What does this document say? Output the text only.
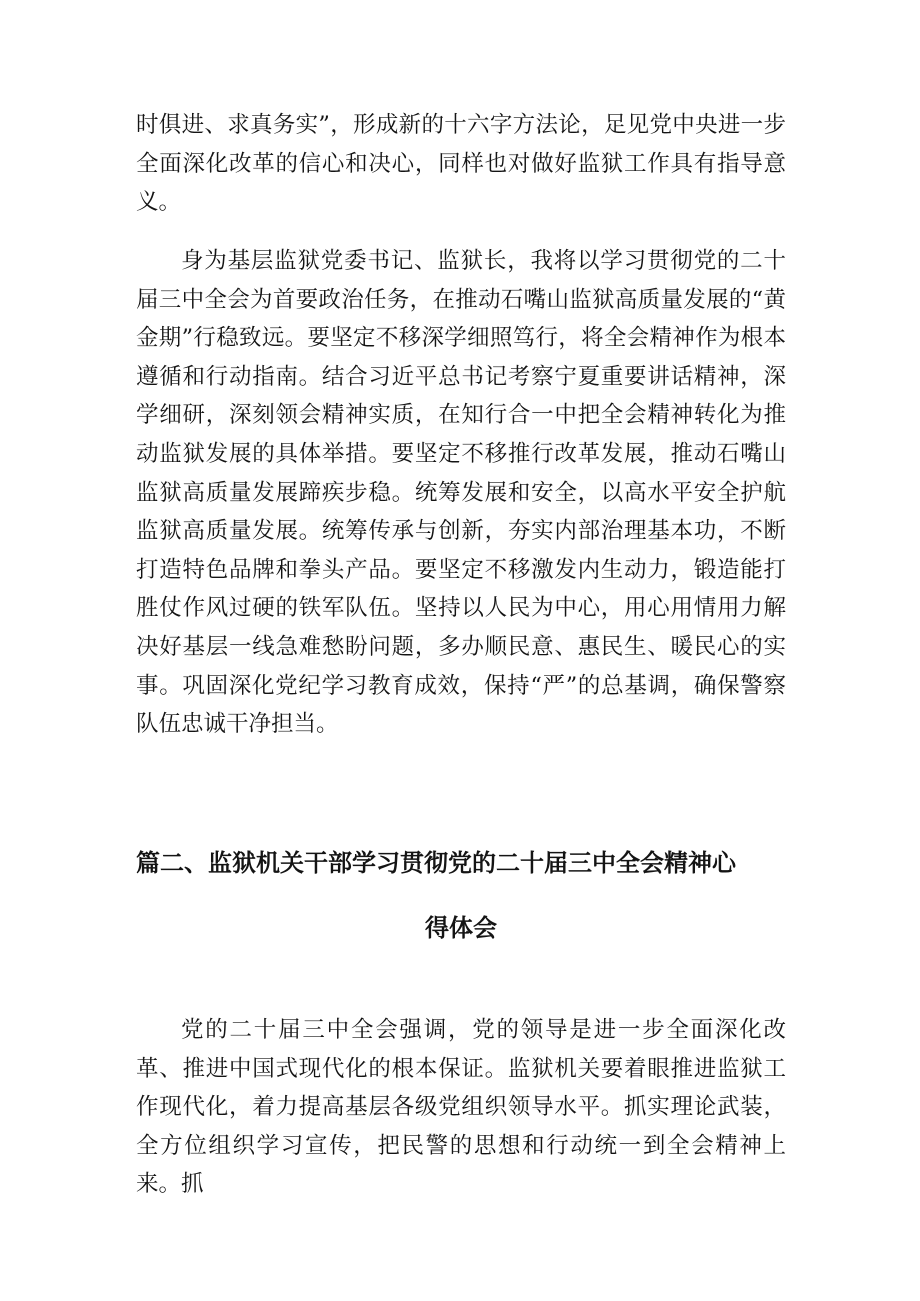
时俱进、求真务实”，形成新的十六字方法论，足见党中央进一步全面深化改革的信心和决心，同样也对做好监狱工作具有指导意义。

身为基层监狱党委书记、监狱长，我将以学习贯彻党的二十届三中全会为首要政治任务，在推动石嘴山监狱高质量发展的“黄金期”行稳致远。要坚定不移深学细照笃行，将全会精神作为根本遵循和行动指南。结合习近平总书记考察宁夏重要讲话精神，深学细研，深刻领会精神实质，在知行合一中把全会精神转化为推动监狱发展的具体举措。要坚定不移推行改革发展，推动石嘴山监狱高质量发展蹄疾步稳。统筹发展和安全，以高水平安全护航监狱高质量发展。统筹传承与创新，夯实内部治理基本功，不断打造特色品牌和拳头产品。要坚定不移激发内生动力，锻造能打胜仗作风过硬的铁军队伍。坚持以人民为中心，用心用情用力解决好基层一线急难愁盼问题，多办顺民意、惠民生、暖民心的实事。巩固深化党纪学习教育成效，保持“严”的总基调，确保警察队伍忠诚干净担当。

篇二、监狱机关干部学习贯彻党的二十届三中全会精神心
得体会

党的二十届三中全会强调，党的领导是进一步全面深化改革、推进中国式现代化的根本保证。监狱机关要着眼推进监狱工作现代化，着力提高基层各级党组织领导水平。抓实理论武装，全方位组织学习宣传，把民警的思想和行动统一到全会精神上来。抓
